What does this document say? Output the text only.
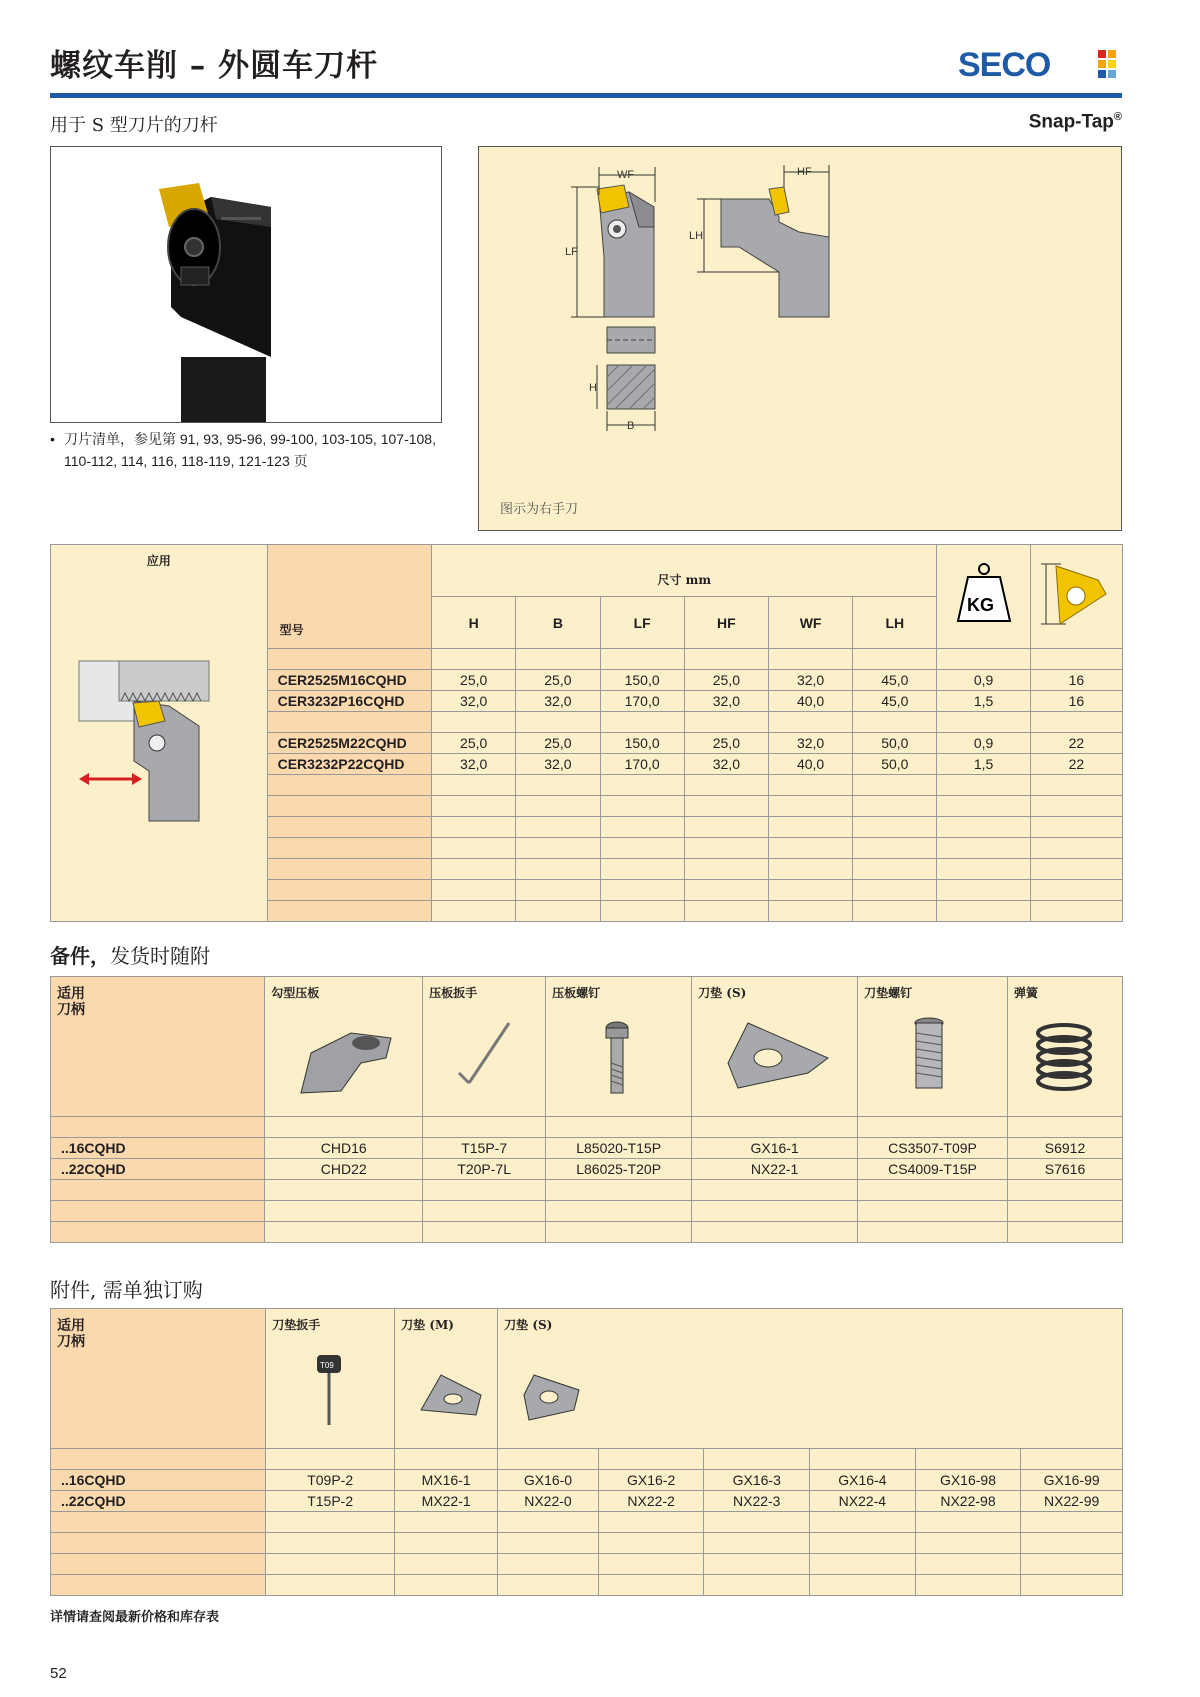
螺纹车削 – 外圆车刀杆	SECO
用于 S 型刀片的刀杆	Snap-Tap®
• 刀片清单，参见第 91, 93, 95-96, 99-100, 103-105, 107-108, 110-112, 114, 116, 118-119, 121-123 页
WF
LF
HF
LH
H
B
图示为右手刀
应用	型号	尺寸 mm						KG

		H	B	LF	HF	WF	LH		

	CER2525M16CQHD	25,0	25,0	150,0	25,0	32,0	45,0	0,9	16
	CER3232P16CQHD	32,0	32,0	170,0	32,0	40,0	45,0	1,5	16

	CER2525M22CQHD	25,0	25,0	150,0	25,0	32,0	50,0	0,9	22
	CER3232P22CQHD	32,0	32,0	170,0	32,0	40,0	50,0	1,5	22

备件，发货时随附
适用
刀柄	勾型压板	压板扳手	压板螺钉	刀垫 (S)	刀垫螺钉	弹簧

..16CQHD	CHD16	T15P-7	L85020-T15P	GX16-1	CS3507-T09P	S6912
..22CQHD	CHD22	T20P-7L	L86025-T20P	NX22-1	CS4009-T15P	S7616

附件, 需单独订购
适用
刀柄	刀垫扳手
T09	刀垫 (M)	刀垫 (S)					

..16CQHD	T09P-2	MX16-1	GX16-0	GX16-2	GX16-3	GX16-4	GX16-98	GX16-99
..22CQHD	T15P-2	MX22-1	NX22-0	NX22-2	NX22-3	NX22-4	NX22-98	NX22-99

详情请查阅最新价格和库存表
52
